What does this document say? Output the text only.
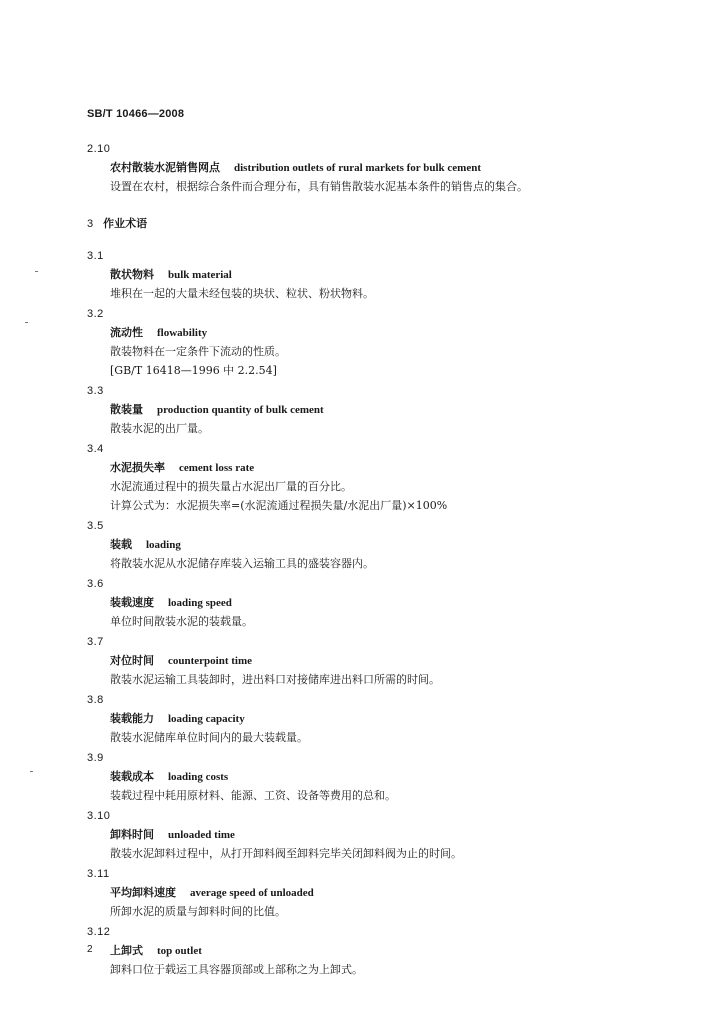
SB/T 10466—2008
2.10
农村散装水泥销售网点 distribution outlets of rural markets for bulk cement
设置在农村，根据综合条件而合理分布，具有销售散装水泥基本条件的销售点的集合。
3 作业术语
3.1
散状物料 bulk material
堆积在一起的大量未经包装的块状、粒状、粉状物料。
3.2
流动性 flowability
散装物料在一定条件下流动的性质。
[GB/T 16418—1996 中 2.2.54]
3.3
散装量 production quantity of bulk cement
散装水泥的出厂量。
3.4
水泥损失率 cement loss rate
水泥流通过程中的损失量占水泥出厂量的百分比。
计算公式为：水泥损失率=(水泥流通过程损失量/水泥出厂量)×100%
3.5
装载 loading
将散装水泥从水泥储存库装入运输工具的盛装容器内。
3.6
装载速度 loading speed
单位时间散装水泥的装载量。
3.7
对位时间 counterpoint time
散装水泥运输工具装卸时，进出料口对接储库进出料口所需的时间。
3.8
装载能力 loading capacity
散装水泥储库单位时间内的最大装载量。
3.9
装载成本 loading costs
装载过程中耗用原材料、能源、工资、设备等费用的总和。
3.10
卸料时间 unloaded time
散装水泥卸料过程中，从打开卸料阀至卸料完毕关闭卸料阀为止的时间。
3.11
平均卸料速度 average speed of unloaded
所卸水泥的质量与卸料时间的比值。
3.12
上卸式 top outlet
卸料口位于载运工具容器顶部或上部称之为上卸式。
2
